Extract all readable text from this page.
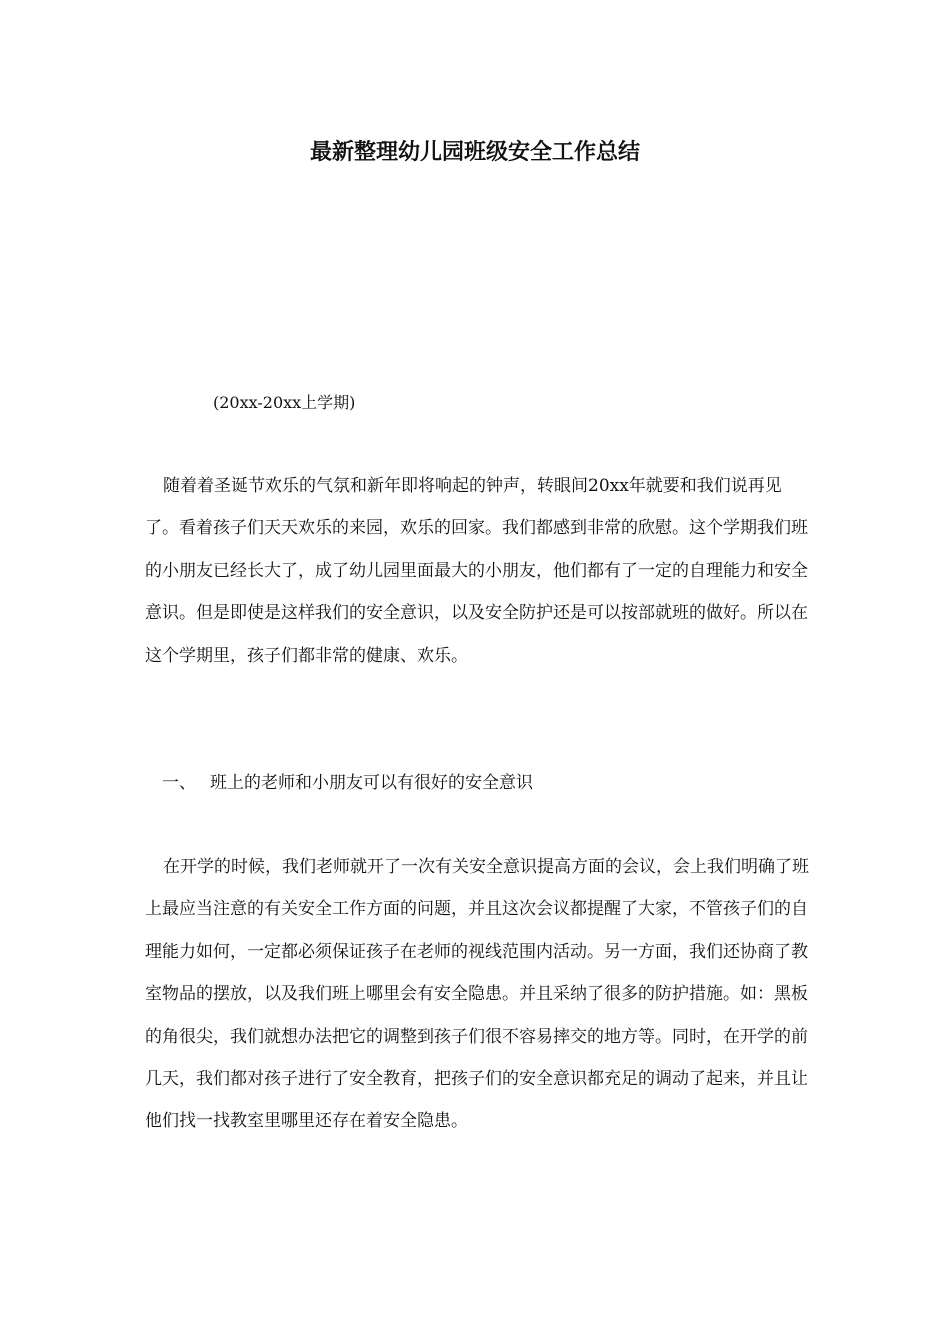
最新整理幼儿园班级安全工作总结
(20xx-20xx上学期)
随着着圣诞节欢乐的气氛和新年即将响起的钟声，转眼间20xx年就要和我们说再见了。看着孩子们天天欢乐的来园，欢乐的回家。我们都感到非常的欣慰。这个学期我们班的小朋友已经长大了，成了幼儿园里面最大的小朋友，他们都有了一定的自理能力和安全意识。但是即使是这样我们的安全意识，以及安全防护还是可以按部就班的做好。所以在这个学期里，孩子们都非常的健康、欢乐。
一、 班上的老师和小朋友可以有很好的安全意识
在开学的时候，我们老师就开了一次有关安全意识提高方面的会议，会上我们明确了班上最应当注意的有关安全工作方面的问题，并且这次会议都提醒了大家，不管孩子们的自理能力如何，一定都必须保证孩子在老师的视线范围内活动。另一方面，我们还协商了教室物品的摆放，以及我们班上哪里会有安全隐患。并且采纳了很多的防护措施。如：黑板的角很尖，我们就想办法把它的调整到孩子们很不容易摔交的地方等。同时，在开学的前几天，我们都对孩子进行了安全教育，把孩子们的安全意识都充足的调动了起来，并且让他们找一找教室里哪里还存在着安全隐患。
